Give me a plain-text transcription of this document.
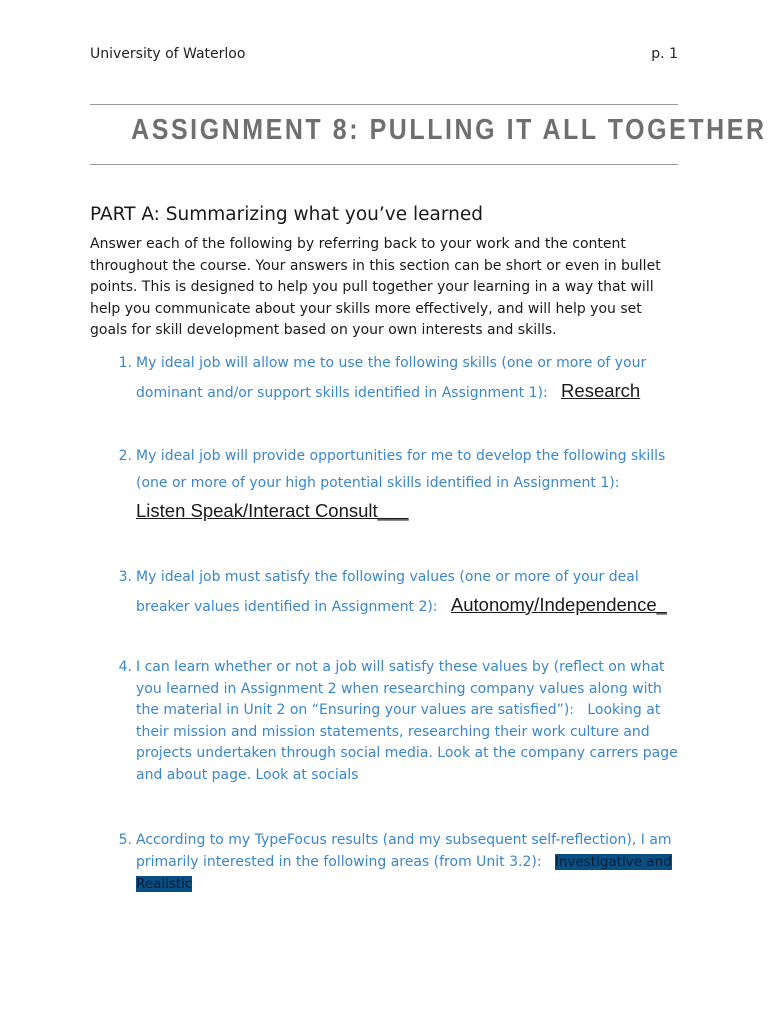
University of Waterloo	p. 1
ASSIGNMENT 8: PULLING IT ALL TOGETHER
PART A: Summarizing what you’ve learned
Answer each of the following by referring back to your work and the content throughout the course. Your answers in this section can be short or even in bullet points. This is designed to help you pull together your learning in a way that will help you communicate about your skills more effectively, and will help you set goals for skill development based on your own interests and skills.
1. My ideal job will allow me to use the following skills (one or more of your dominant and/or support skills identified in Assignment 1): Research
2. My ideal job will provide opportunities for me to develop the following skills (one or more of your high potential skills identified in Assignment 1):   Listen Speak/Interact Consult___
3. My ideal job must satisfy the following values (one or more of your deal breaker values identified in Assignment 2): Autonomy/Independence_
4. I can learn whether or not a job will satisfy these values by (reflect on what you learned in Assignment 2 when researching company values along with the material in Unit 2 on “Ensuring your values are satisfied”): Looking at their mission and mission statements, researching their work culture and projects undertaken through social media. Look at the company carrers page and about page. Look at socials
5. According to my TypeFocus results (and my subsequent self-reflection), I am primarily interested in the following areas (from Unit 3.2): Investigative and Realistic
